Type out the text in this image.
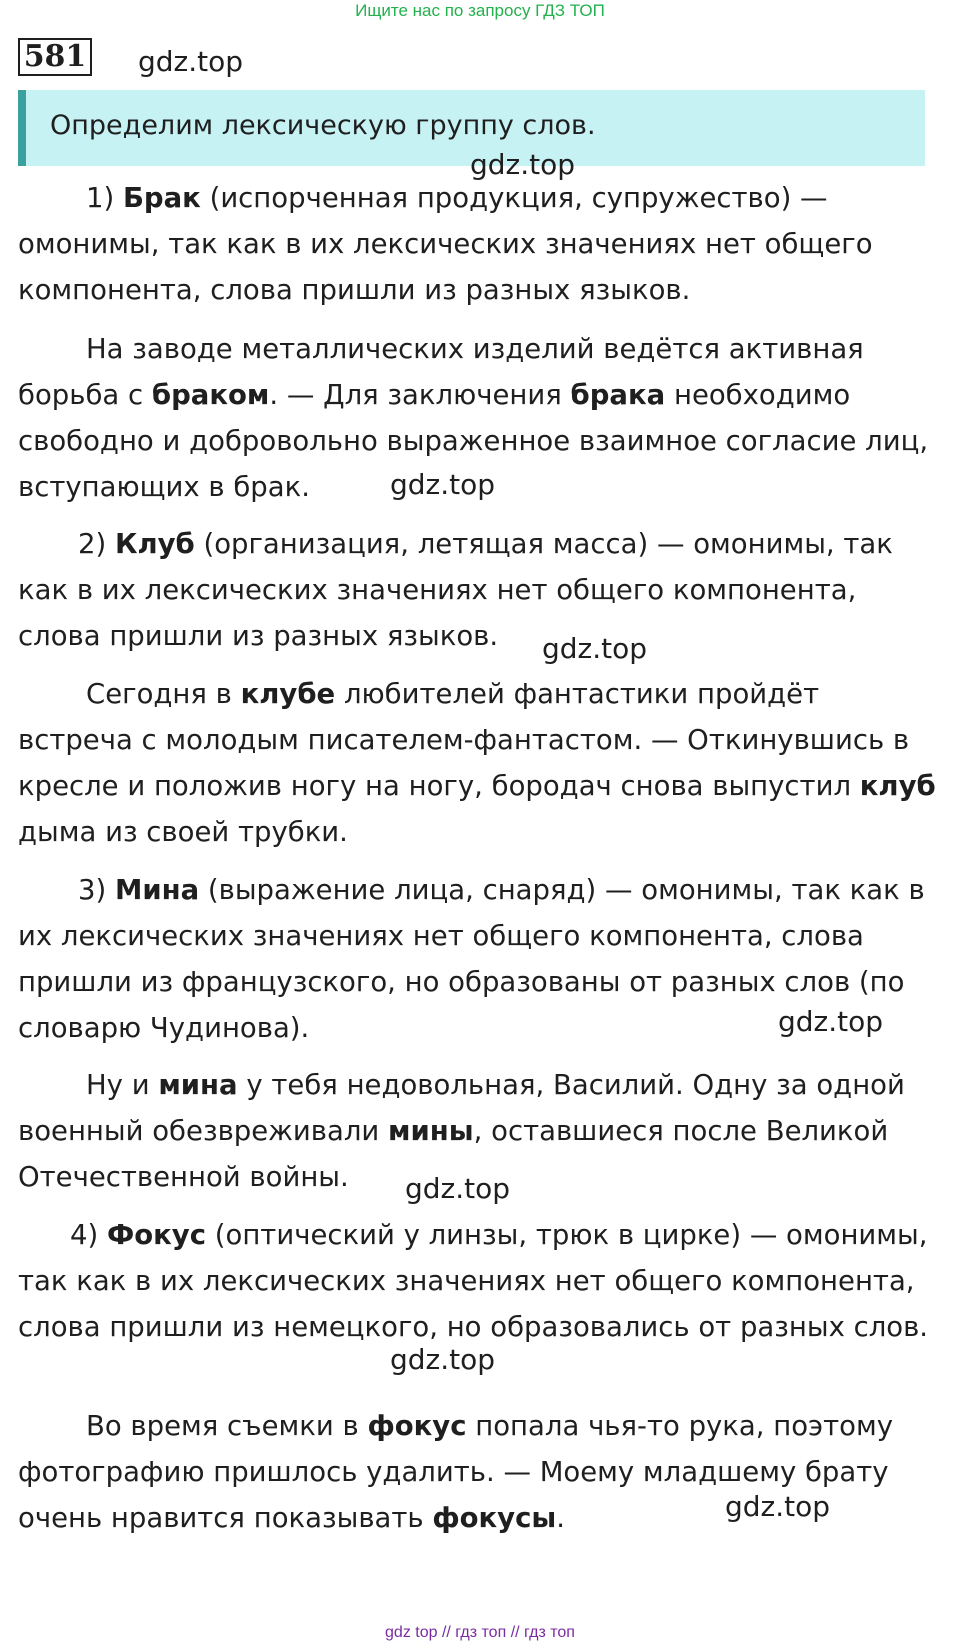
Ищите нас по запросу ГДЗ ТОП
581 gdz.top
Определим лексическую группу слов.
gdz.top

1) Брак (испорченная продукция, супружество) — омонимы, так как в их лексических значениях нет общего компонента, слова пришли из разных языков.

На заводе металлических изделий ведётся активная борьба с браком. — Для заключения брака необходимо свободно и добровольно выраженное взаимное согласие лиц, вступающих в брак.	gdz.top

2) Клуб (организация, летящая масса) — омонимы, так как в их лексических значениях нет общего компонента, слова пришли из разных языков.	gdz.top

Сегодня в клубе любителей фантастики пройдёт встреча с молодым писателем-фантастом. — Откинувшись в кресле и положив ногу на ногу, бородач снова выпустил клуб дыма из своей трубки.

3) Мина (выражение лица, снаряд) — омонимы, так как в их лексических значениях нет общего компонента, слова пришли из французского, но образованы от разных слов (по словарю Чудинова).	gdz.top

Ну и мина у тебя недовольная, Василий. Одну за одной военный обезвреживали мины, оставшиеся после Великой Отечественной войны.	gdz.top

4) Фокус (оптический у линзы, трюк в цирке) — омонимы, так как в их лексических значениях нет общего компонента, слова пришли из немецкого, но образовались от разных слов.

gdz.top

Во время съемки в фокус попала чья-то рука, поэтому фотографию пришлось удалить. — Моему младшему брату очень нравится показывать фокусы.	gdz.top
gdz top // гдз топ // гдз топ
